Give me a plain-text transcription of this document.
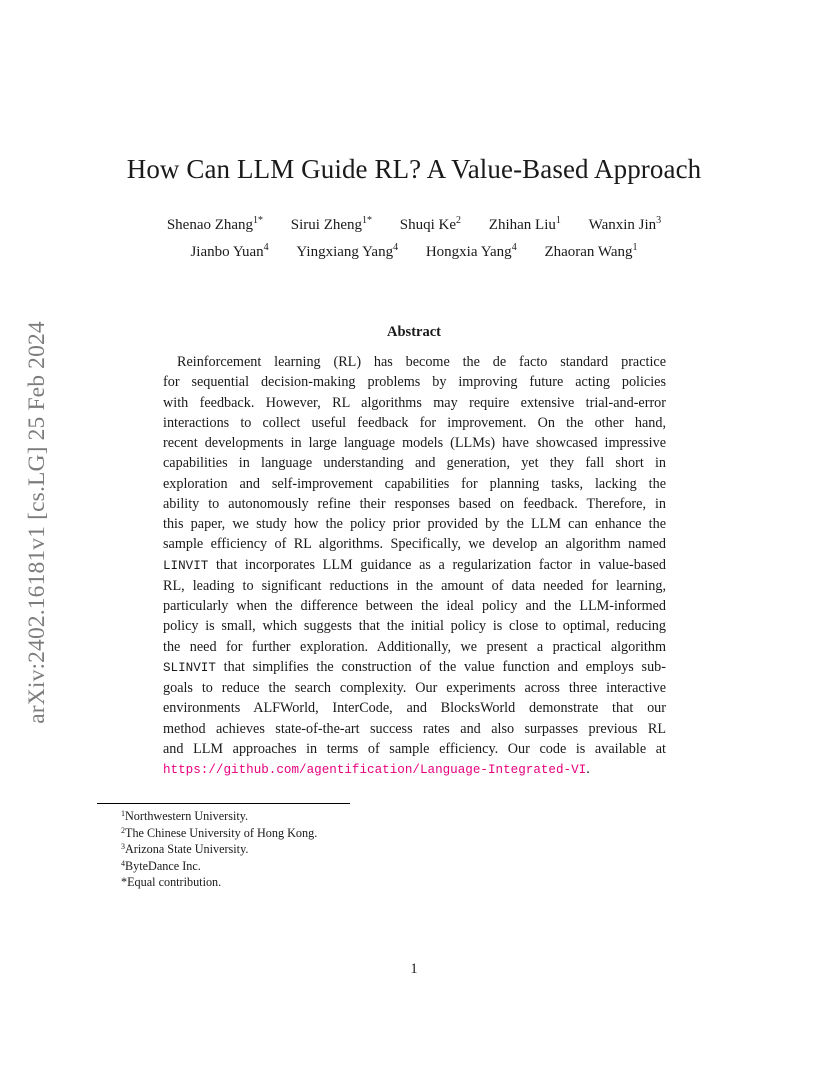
arXiv:2402.16181v1 [cs.LG] 25 Feb 2024
How Can LLM Guide RL? A Value-Based Approach
Shenao Zhang$^{1*}$ Sirui Zheng$^{1*}$ Shuqi Ke$^2$ Zhihan Liu$^1$ Wanxin Jin$^3$
Jianbo Yuan$^4$ Yingxiang Yang$^4$ Hongxia Yang$^4$ Zhaoran Wang$^1$
Abstract
Reinforcement learning (RL) has become the de facto standard practice
for sequential decision-making problems by improving future acting policies
with feedback. However, RL algorithms may require extensive trial-and-error
interactions to collect useful feedback for improvement. On the other hand,
recent developments in large language models (LLMs) have showcased impressive
capabilities in language understanding and generation, yet they fall short in
exploration and self-improvement capabilities for planning tasks, lacking the
ability to autonomously refine their responses based on feedback. Therefore, in
this paper, we study how the policy prior provided by the LLM can enhance the
sample efficiency of RL algorithms. Specifically, we develop an algorithm named
LINVIT that incorporates LLM guidance as a regularization factor in value-based
RL, leading to significant reductions in the amount of data needed for learning,
particularly when the difference between the ideal policy and the LLM-informed
policy is small, which suggests that the initial policy is close to optimal, reducing
the need for further exploration. Additionally, we present a practical algorithm
SLINVIT that simplifies the construction of the value function and employs sub-
goals to reduce the search complexity. Our experiments across three interactive
environments ALFWorld, InterCode, and BlocksWorld demonstrate that our
method achieves state-of-the-art success rates and also surpasses previous RL
and LLM approaches in terms of sample efficiency. Our code is available at
https://github.com/agentification/Language-Integrated-VI.
$^1$Northwestern University.
$^2$The Chinese University of Hong Kong.
$^3$Arizona State University.
$^4$ByteDance Inc.
*Equal contribution.
1
